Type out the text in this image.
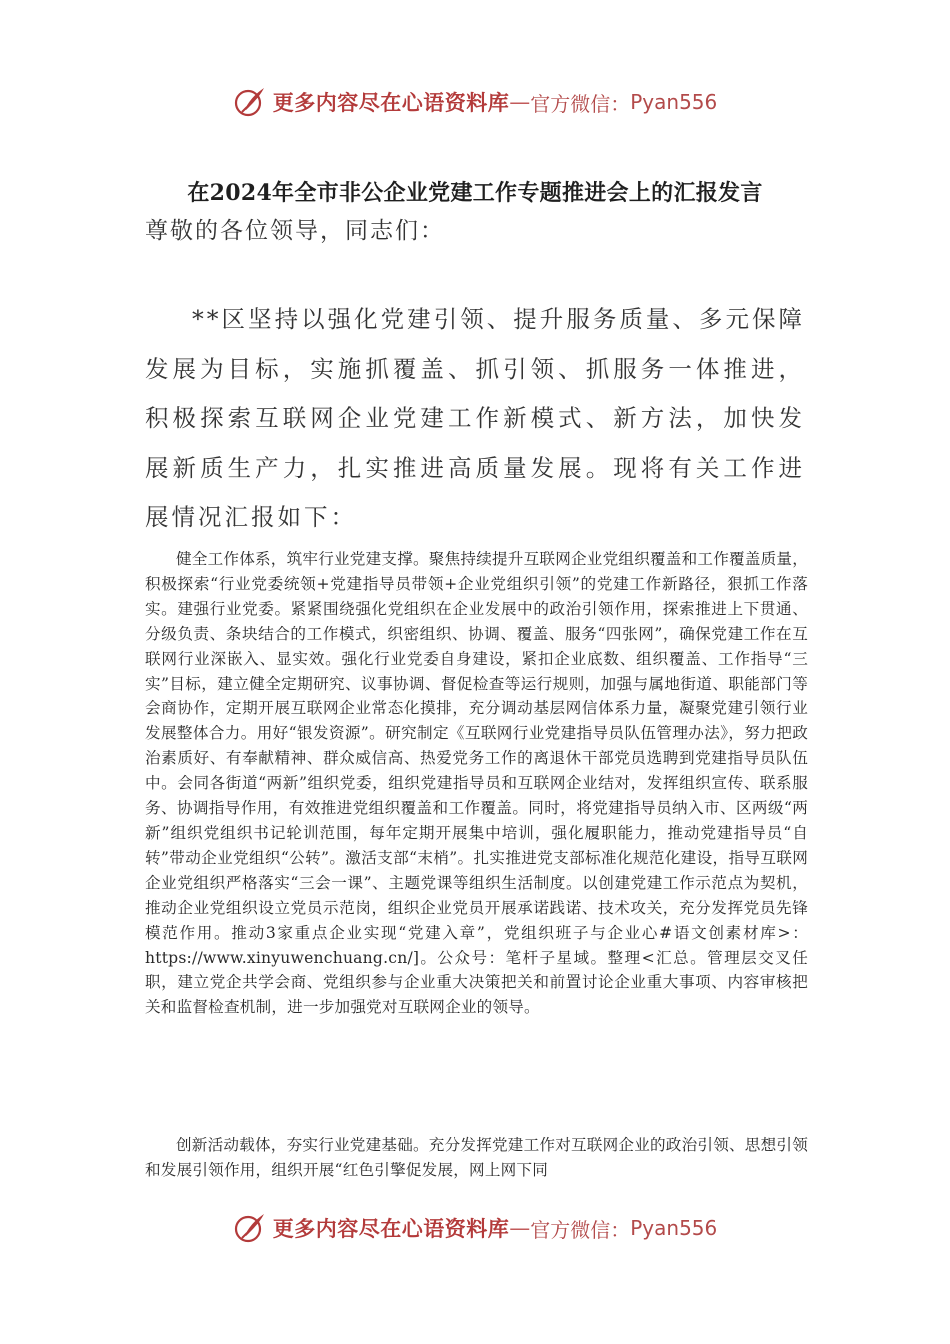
更多内容尽在心语资料库 — 官方微信： Pyan556
在2024年全市非公企业党建工作专题推进会上的汇报发言

尊敬的各位领导，同志们：

**区坚持以强化党建引领、提升服务质量、多元保障发展为目标，实施抓覆盖、抓引领、抓服务一体推进，积极探索互联网企业党建工作新模式、新方法，加快发展新质生产力，扎实推进高质量发展。现将有关工作进展情况汇报如下：

健全工作体系，筑牢行业党建支撑。聚焦持续提升互联网企业党组织覆盖和工作覆盖质量，积极探索“行业党委统领+党建指导员带领+企业党组织引领”的党建工作新路径，狠抓工作落实。建强行业党委。紧紧围绕强化党组织在企业发展中的政治引领作用，探索推进上下贯通、分级负责、条块结合的工作模式，织密组织、协调、覆盖、服务“四张网”，确保党建工作在互联网行业深嵌入、显实效。强化行业党委自身建设，紧扣企业底数、组织覆盖、工作指导“三实”目标，建立健全定期研究、议事协调、督促检查等运行规则，加强与属地街道、职能部门等会商协作，定期开展互联网企业常态化摸排，充分调动基层网信体系力量，凝聚党建引领行业发展整体合力。用好“银发资源”。研究制定《互联网行业党建指导员队伍管理办法》，努力把政治素质好、有奉献精神、群众威信高、热爱党务工作的离退休干部党员选聘到党建指导员队伍中。会同各街道“两新”组织党委，组织党建指导员和互联网企业结对，发挥组织宣传、联系服务、协调指导作用，有效推进党组织覆盖和工作覆盖。同时，将党建指导员纳入市、区两级“两新”组织党组织书记轮训范围，每年定期开展集中培训，强化履职能力，推动党建指导员“自转”带动企业党组织“公转”。激活支部“末梢”。扎实推进党支部标准化规范化建设，指导互联网企业党组织严格落实“三会一课”、主题党课等组织生活制度。以创建党建工作示范点为契机，推动企业党组织设立党员示范岗，组织企业党员开展承诺践诺、技术攻关，充分发挥党员先锋模范作用。推动3家重点企业实现“党建入章”，党组织班子与企业心#语文创素材库>：https://www.xinyuwenchuang.cn/]。公众号：笔杆子星域。整理<汇总。管理层交叉任职，建立党企共学会商、党组织参与企业重大决策把关和前置讨论企业重大事项、内容审核把关和监督检查机制，进一步加强党对互联网企业的领导。

创新活动载体，夯实行业党建基础。充分发挥党建工作对互联网企业的政治引领、思想引领和发展引领作用，组织开展“红色引擎促发展，网上网下同

更多内容尽在心语资料库 — 官方微信： Pyan556
